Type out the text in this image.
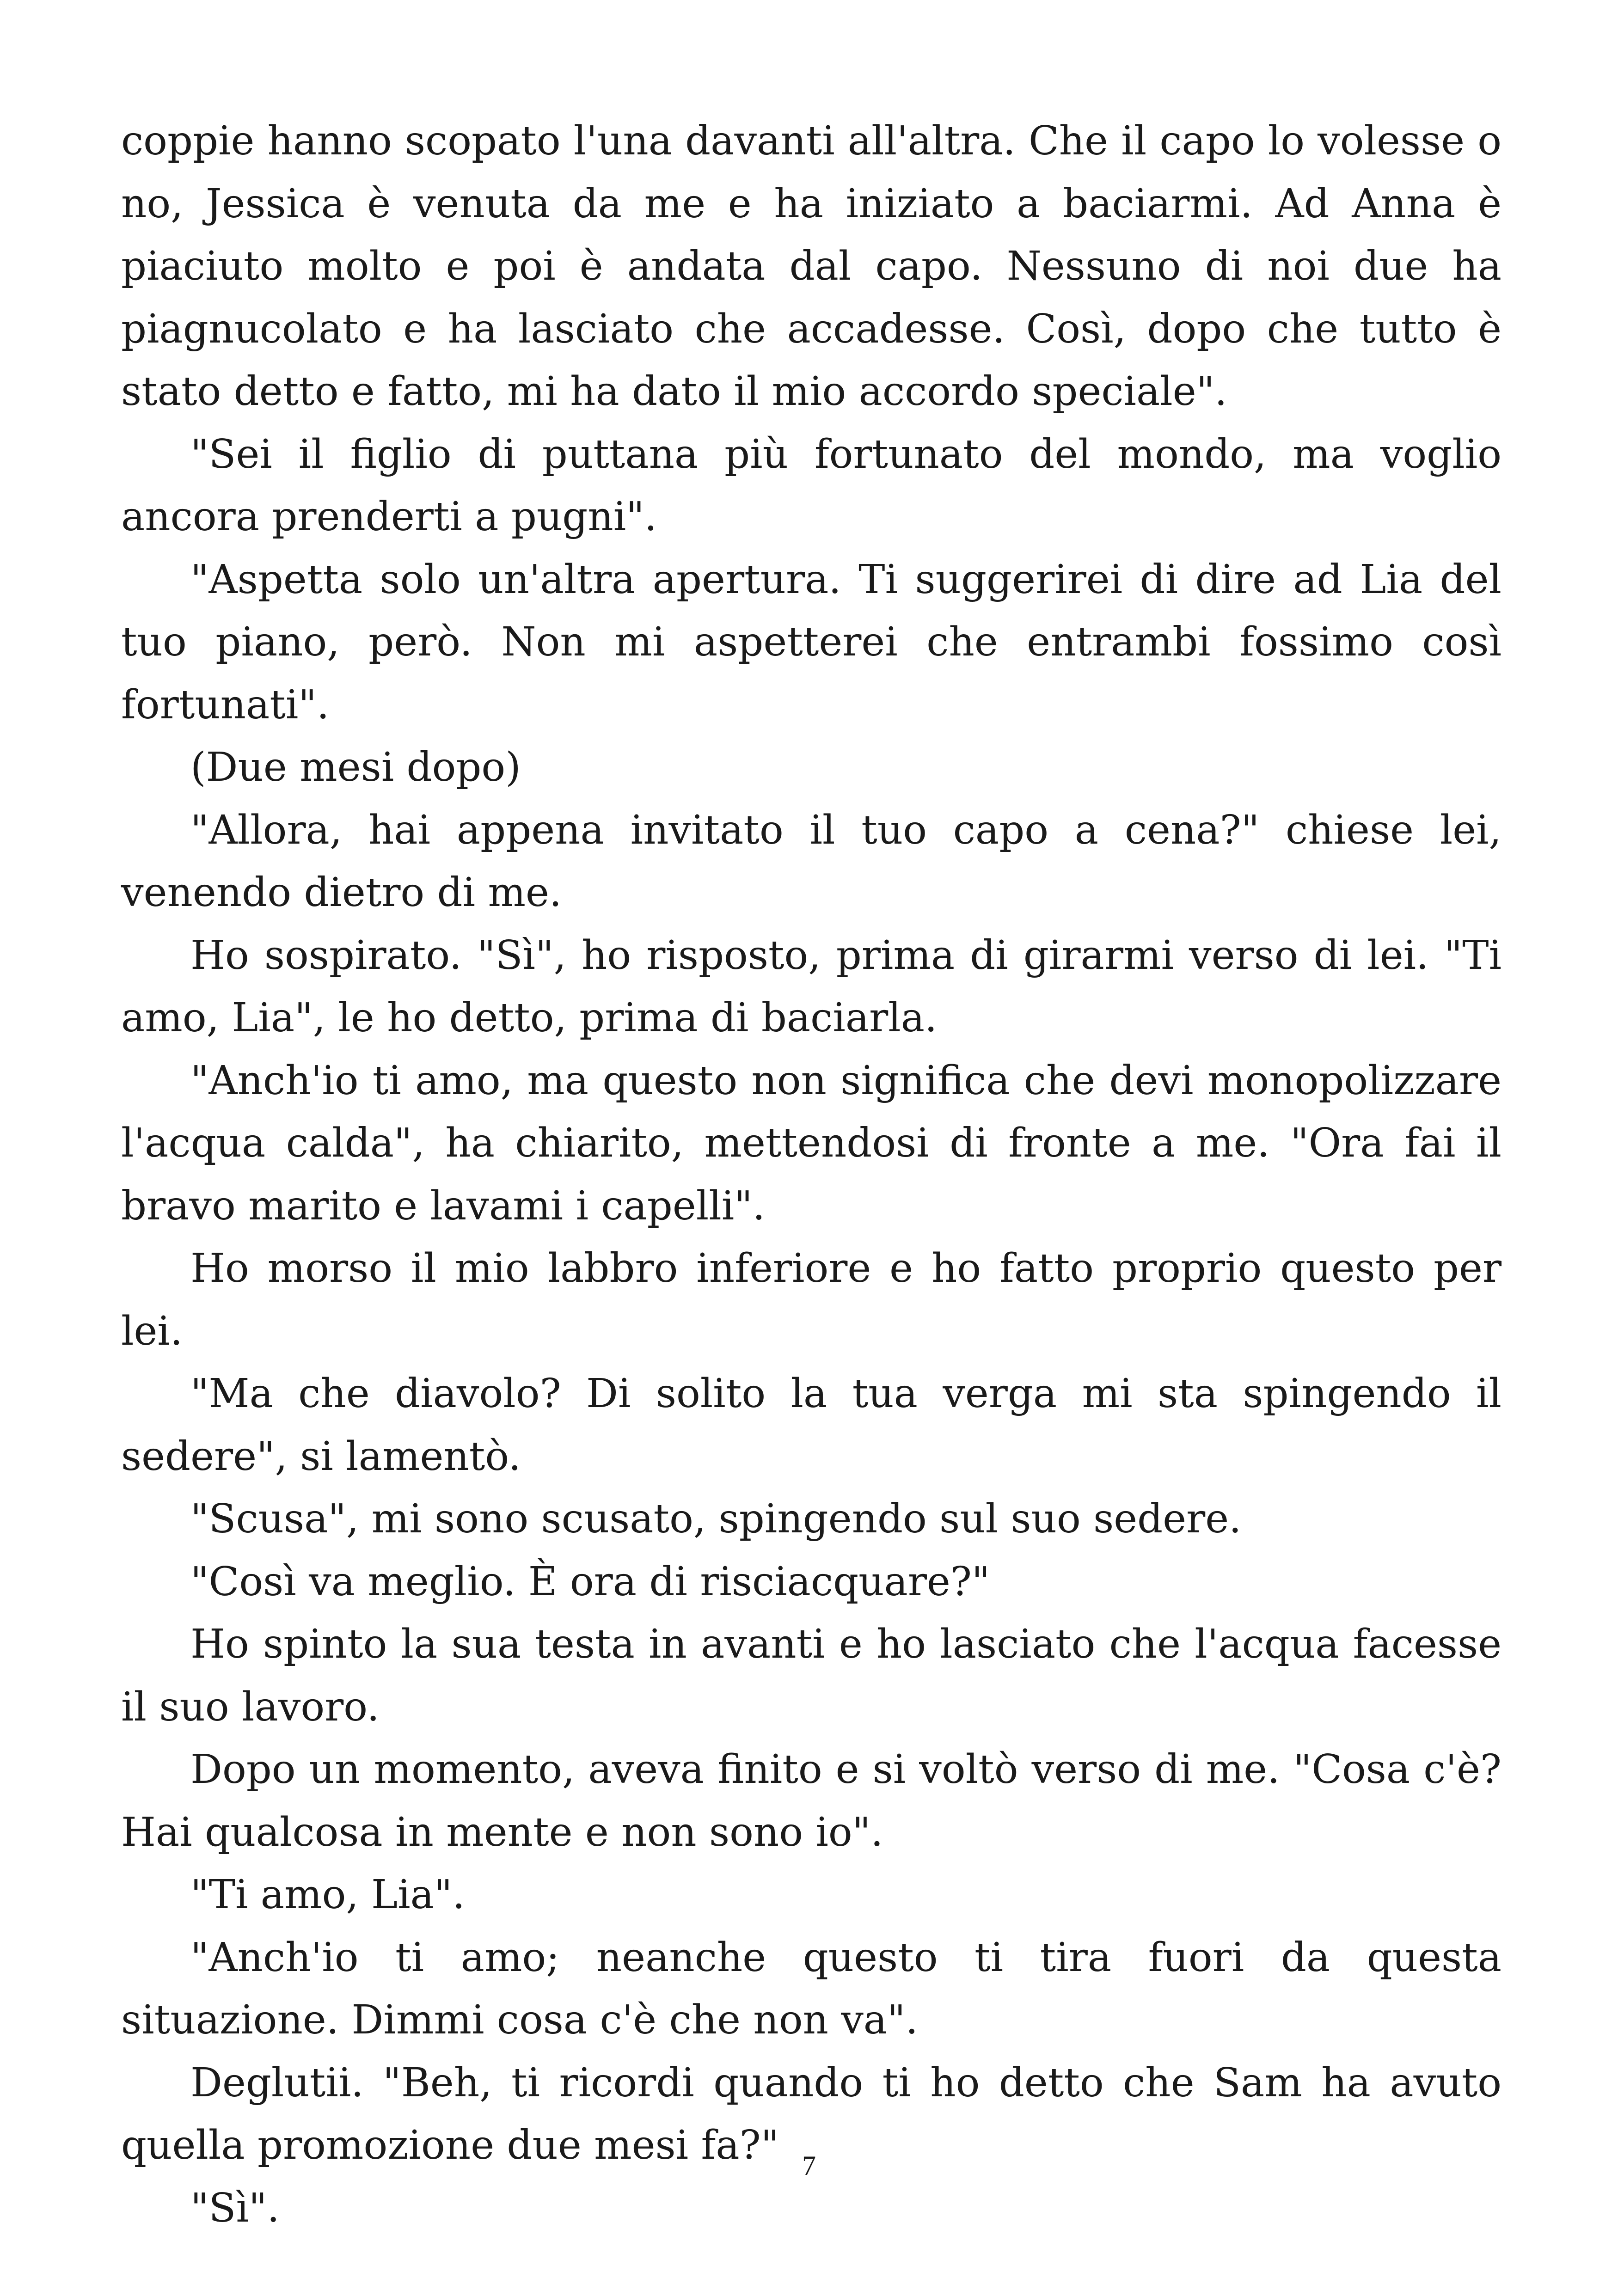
coppie hanno scopato l'una davanti all'altra. Che il capo lo volesse o no, Jessica è venuta da me e ha iniziato a baciarmi. Ad Anna è piaciuto molto e poi è andata dal capo. Nessuno di noi due ha piagnucolato e ha lasciato che accadesse. Così, dopo che tutto è stato detto e fatto, mi ha dato il mio accordo speciale".

"Sei il figlio di puttana più fortunato del mondo, ma voglio ancora prenderti a pugni".

"Aspetta solo un'altra apertura. Ti suggerirei di dire ad Lia del tuo piano, però. Non mi aspetterei che entrambi fossimo così fortunati".

(Due mesi dopo)

"Allora, hai appena invitato il tuo capo a cena?" chiese lei, venendo dietro di me.

Ho sospirato. "Sì", ho risposto, prima di girarmi verso di lei. "Ti amo, Lia", le ho detto, prima di baciarla.

"Anch'io ti amo, ma questo non significa che devi monopolizzare l'acqua calda", ha chiarito, mettendosi di fronte a me. "Ora fai il bravo marito e lavami i capelli".

Ho morso il mio labbro inferiore e ho fatto proprio questo per lei.

"Ma che diavolo? Di solito la tua verga mi sta spingendo il sedere", si lamentò.

"Scusa", mi sono scusato, spingendo sul suo sedere.

"Così va meglio. È ora di risciacquare?"

Ho spinto la sua testa in avanti e ho lasciato che l'acqua facesse il suo lavoro.

Dopo un momento, aveva finito e si voltò verso di me. "Cosa c'è? Hai qualcosa in mente e non sono io".

"Ti amo, Lia".

"Anch'io ti amo; neanche questo ti tira fuori da questa situazione. Dimmi cosa c'è che non va".

Deglutii. "Beh, ti ricordi quando ti ho detto che Sam ha avuto quella promozione due mesi fa?"

"Sì".

7
